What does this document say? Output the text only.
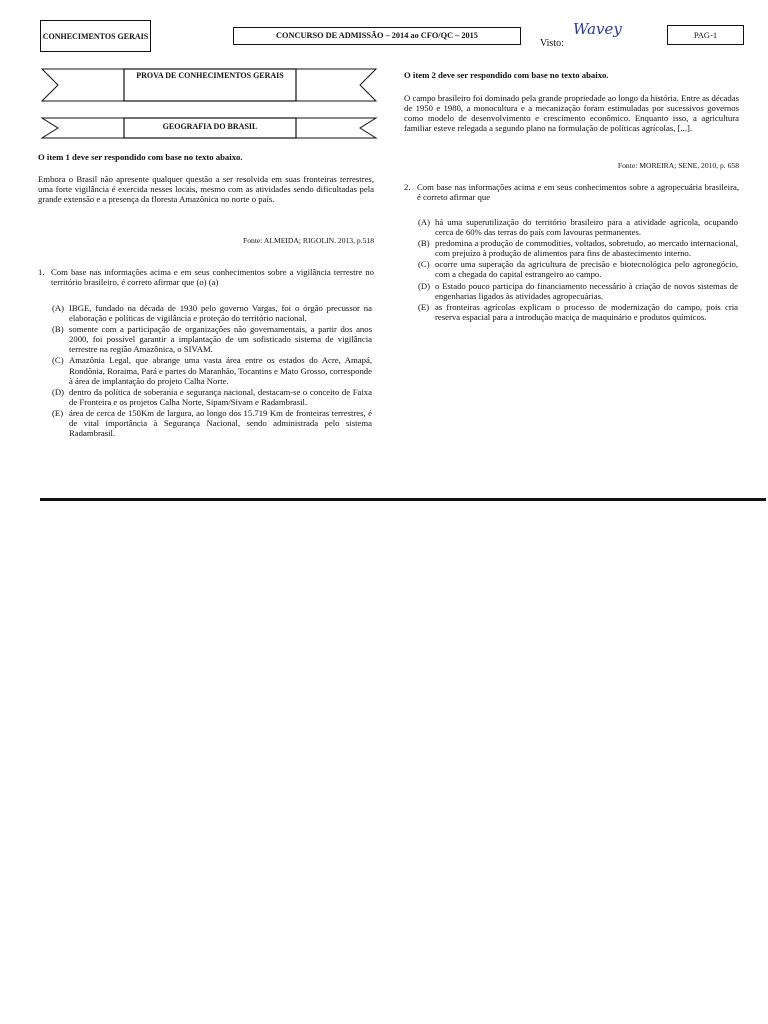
CONHECIMENTOS GERAIS	CONCURSO DE ADMISSÃO – 2014 ao CFO/QC – 2015
Visto:
Wavey	PAG-1
PROVA DE CONHECIMENTOS GERAIS
GEOGRAFIA DO BRASIL
O item 1 deve ser respondido com base no texto abaixo.
Embora o Brasil não apresente qualquer questão a ser resolvida em suas fronteiras terrestres, uma forte vigilância é exercida nesses locais, mesmo com as atividades sendo dificultadas pela grande extensão e a presença da floresta Amazônica no norte o país.
Fonte: ALMEIDA; RIGOLIN. 2013, p.518
1. Com base nas informações acima e em seus conhecimentos sobre a vigilância terrestre no território brasileiro, é correto afirmar que (o) (a)
(A) IBGE, fundado na década de 1930 pelo governo Vargas, foi o órgão precussor na elaboração e políticas de vigilância e proteção do território nacional.
(B) somente com a participação de organizações não governamentais, a partir dos anos 2000, foi possível garantir a implantação de um sofisticado sistema de vigilância terrestre na região Amazônica, o SIVAM.
(C) Amazônia Legal, que abrange uma vasta área entre os estados do Acre, Amapá, Rondônia, Roraima, Pará e partes do Maranhão, Tocantins e Mato Grosso, corresponde à área de implantação do projeto Calha Norte.
(D) dentro da política de soberania e segurança nacional, destacam-se o conceito de Faixa de Fronteira e os projetos Calha Norte, Sipam/Sivam e Radambrasil.
(E) área de cerca de 150Km de largura, ao longo dos 15.719 Km de fronteiras terrestres, é de vital importância à Segurança Nacional, sendo administrada pelo sistema Radambrasil.
O item 2 deve ser respondido com base no texto abaixo.
O campo brasileiro foi dominado pela grande propriedade ao longo da história. Entre as décadas de 1950 e 1980, a monocultura e a mecanização foram estimuladas por sucessivos governos como modelo de desenvolvimento e crescimento econômico. Enquanto isso, a agricultura familiar esteve relegada a segundo plano na formulação de políticas agrícolas, [...].
Fonte: MOREIRA; SENE, 2010, p. 658
2. Com base nas informações acima e em seus conhecimentos sobre a agropecuária brasileira, é correto afirmar que
(A) há uma superutilização do território brasileiro para a atividade agrícola, ocupando cerca de 60% das terras do país com lavouras permanentes.
(B) predomina a produção de commodities, voltados, sobretudo, ao mercado internacional, com prejuízo à produção de alimentos para fins de abastecimento interno.
(C) ocorre uma superação da agricultura de precisão e biotecnológica pelo agronegócio, com a chegada do capital estrangeiro ao campo.
(D) o Estado pouco participa do financiamento necessário à criação de novos sistemas de engenharias ligados às atividades agropecuárias.
(E) as fronteiras agrícolas explicam o processo de modernização do campo, pois cria reserva espacial para a introdução maciça de maquinário e produtos químicos.
